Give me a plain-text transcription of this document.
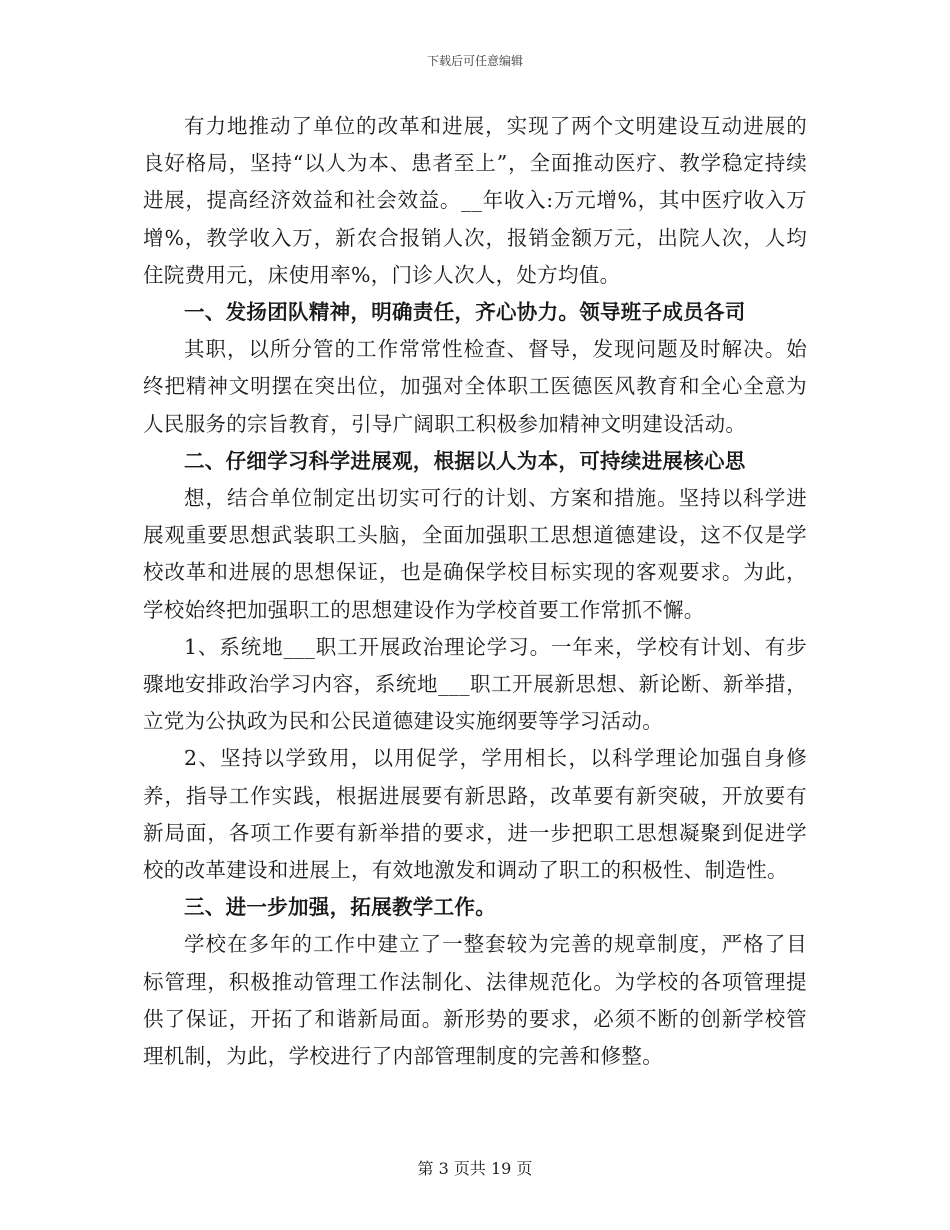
下载后可任意编辑

有力地推动了单位的改革和进展，实现了两个文明建设互动进展的良好格局，坚持“以人为本、患者至上”，全面推动医疗、教学稳定持续进展，提高经济效益和社会效益。__年收入:万元增%，其中医疗收入万增%，教学收入万，新农合报销人次，报销金额万元，出院人次，人均住院费用元，床使用率%，门诊人次人，处方均值。

一、发扬团队精神，明确责任，齐心协力。领导班子成员各司

其职，以所分管的工作常常性检查、督导，发现问题及时解决。始终把精神文明摆在突出位，加强对全体职工医德医风教育和全心全意为人民服务的宗旨教育，引导广阔职工积极参加精神文明建设活动。

二、仔细学习科学进展观，根据以人为本，可持续进展核心思

想，结合单位制定出切实可行的计划、方案和措施。坚持以科学进展观重要思想武装职工头脑，全面加强职工思想道德建设，这不仅是学校改革和进展的思想保证，也是确保学校目标实现的客观要求。为此，学校始终把加强职工的思想建设作为学校首要工作常抓不懈。

1、系统地___职工开展政治理论学习。一年来，学校有计划、有步骤地安排政治学习内容，系统地___职工开展新思想、新论断、新举措，立党为公执政为民和公民道德建设实施纲要等学习活动。

2、坚持以学致用，以用促学，学用相长，以科学理论加强自身修养，指导工作实践，根据进展要有新思路，改革要有新突破，开放要有新局面，各项工作要有新举措的要求，进一步把职工思想凝聚到促进学校的改革建设和进展上，有效地激发和调动了职工的积极性、制造性。

三、进一步加强，拓展教学工作。

学校在多年的工作中建立了一整套较为完善的规章制度，严格了目标管理，积极推动管理工作法制化、法律规范化。为学校的各项管理提供了保证，开拓了和谐新局面。新形势的要求，必须不断的创新学校管理机制，为此，学校进行了内部管理制度的完善和修整。

第 3 页共 19 页
